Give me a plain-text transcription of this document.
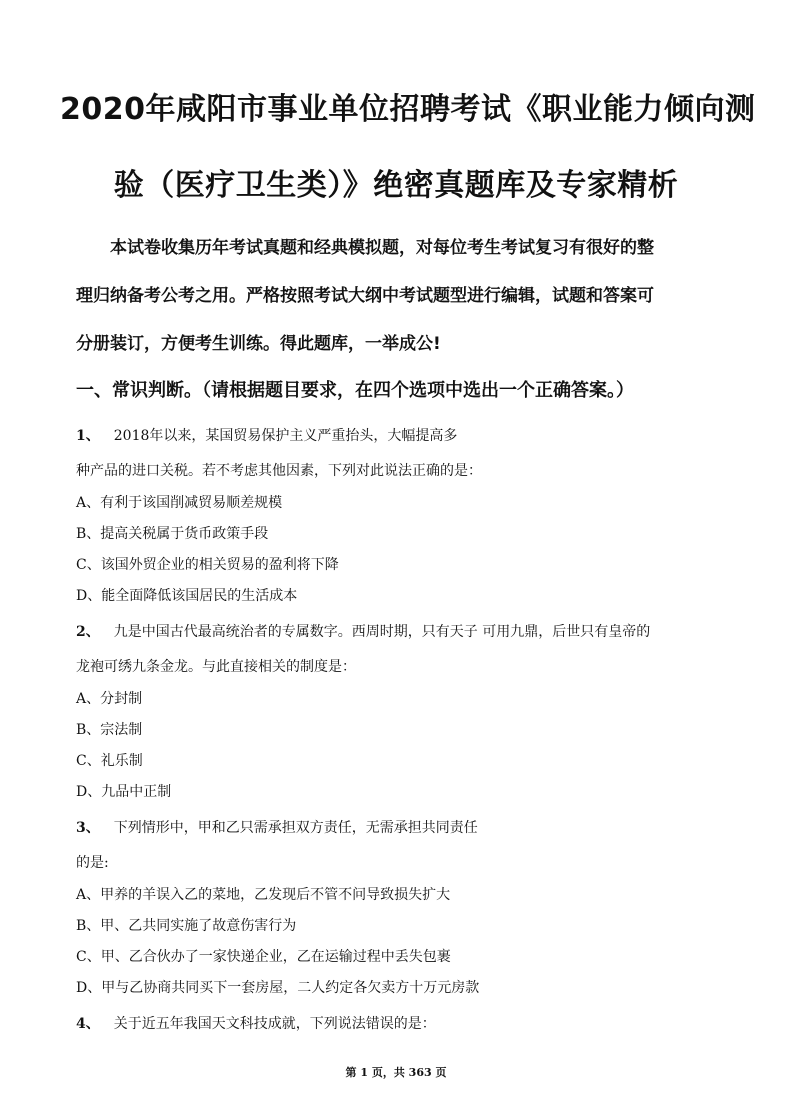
2020年咸阳市事业单位招聘考试《职业能力倾向测
验（医疗卫生类）》绝密真题库及专家精析
本试卷收集历年考试真题和经典模拟题，对每位考生考试复习有很好的整
理归纳备考公考之用。严格按照考试大纲中考试题型进行编辑，试题和答案可
分册装订，方便考生训练。得此题库，一举成公!
一、常识判断。（请根据题目要求，在四个选项中选出一个正确答案。）
1、 2018年以来，某国贸易保护主义严重抬头，大幅提高多
种产品的进口关税。若不考虑其他因素，下列对此说法正确的是：
A、有利于该国削减贸易顺差规模
B、提高关税属于货币政策手段
C、该国外贸企业的相关贸易的盈利将下降
D、能全面降低该国居民的生活成本
2、 九是中国古代最高统治者的专属数字。西周时期，只有天子 可用九鼎，后世只有皇帝的
龙袍可绣九条金龙。与此直接相关的制度是：
A、分封制
B、宗法制
C、礼乐制
D、九品中正制
3、 下列情形中，甲和乙只需承担双方责任，无需承担共同责任
的是:
A、甲养的羊误入乙的菜地，乙发现后不管不问导致损失扩大
B、甲、乙共同实施了故意伤害行为
C、甲、乙合伙办了一家快递企业，乙在运输过程中丢失包裹
D、甲与乙协商共同买下一套房屋，二人约定各欠卖方十万元房款
4、 关于近五年我国天文科技成就，下列说法错误的是：
第 1 页，共 363 页
